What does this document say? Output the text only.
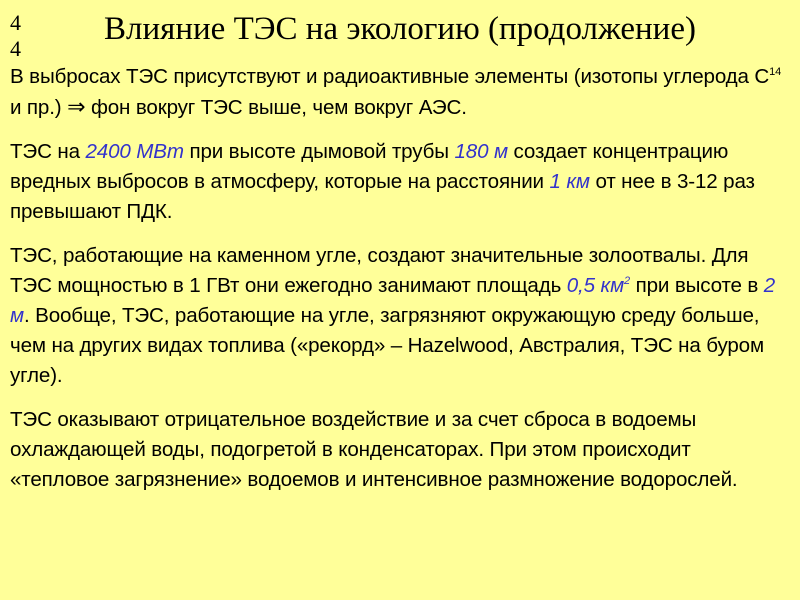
4
4
Влияние ТЭС на экологию (продолжение)

В выбросах ТЭС присутствуют и радиоактивные элементы (изотопы углерода $С^{14}$ и пр.) ⇒ фон вокруг ТЭС выше, чем вокруг АЭС.

ТЭС на 2400 МВт при высоте дымовой трубы 180 м создает концентрацию вредных выбросов в атмосферу, которые на расстоянии 1 км от нее в 3-12 раз превышают ПДК.

ТЭС, работающие на каменном угле, создают значительные золоотвалы. Для ТЭС мощностью в 1 ГВт они ежегодно занимают площадь 0,5 $км^2$ при высоте в 2 м. Вообще, ТЭС, работающие на угле, загрязняют окружающую среду больше, чем на других видах топлива («рекорд» – Hazelwood, Австралия, ТЭС на буром угле).

ТЭС оказывают отрицательное воздействие и за счет сброса в водоемы охлаждающей воды, подогретой в конденсаторах. При этом происходит «тепловое загрязнение» водоемов и интенсивное размножение водорослей.
